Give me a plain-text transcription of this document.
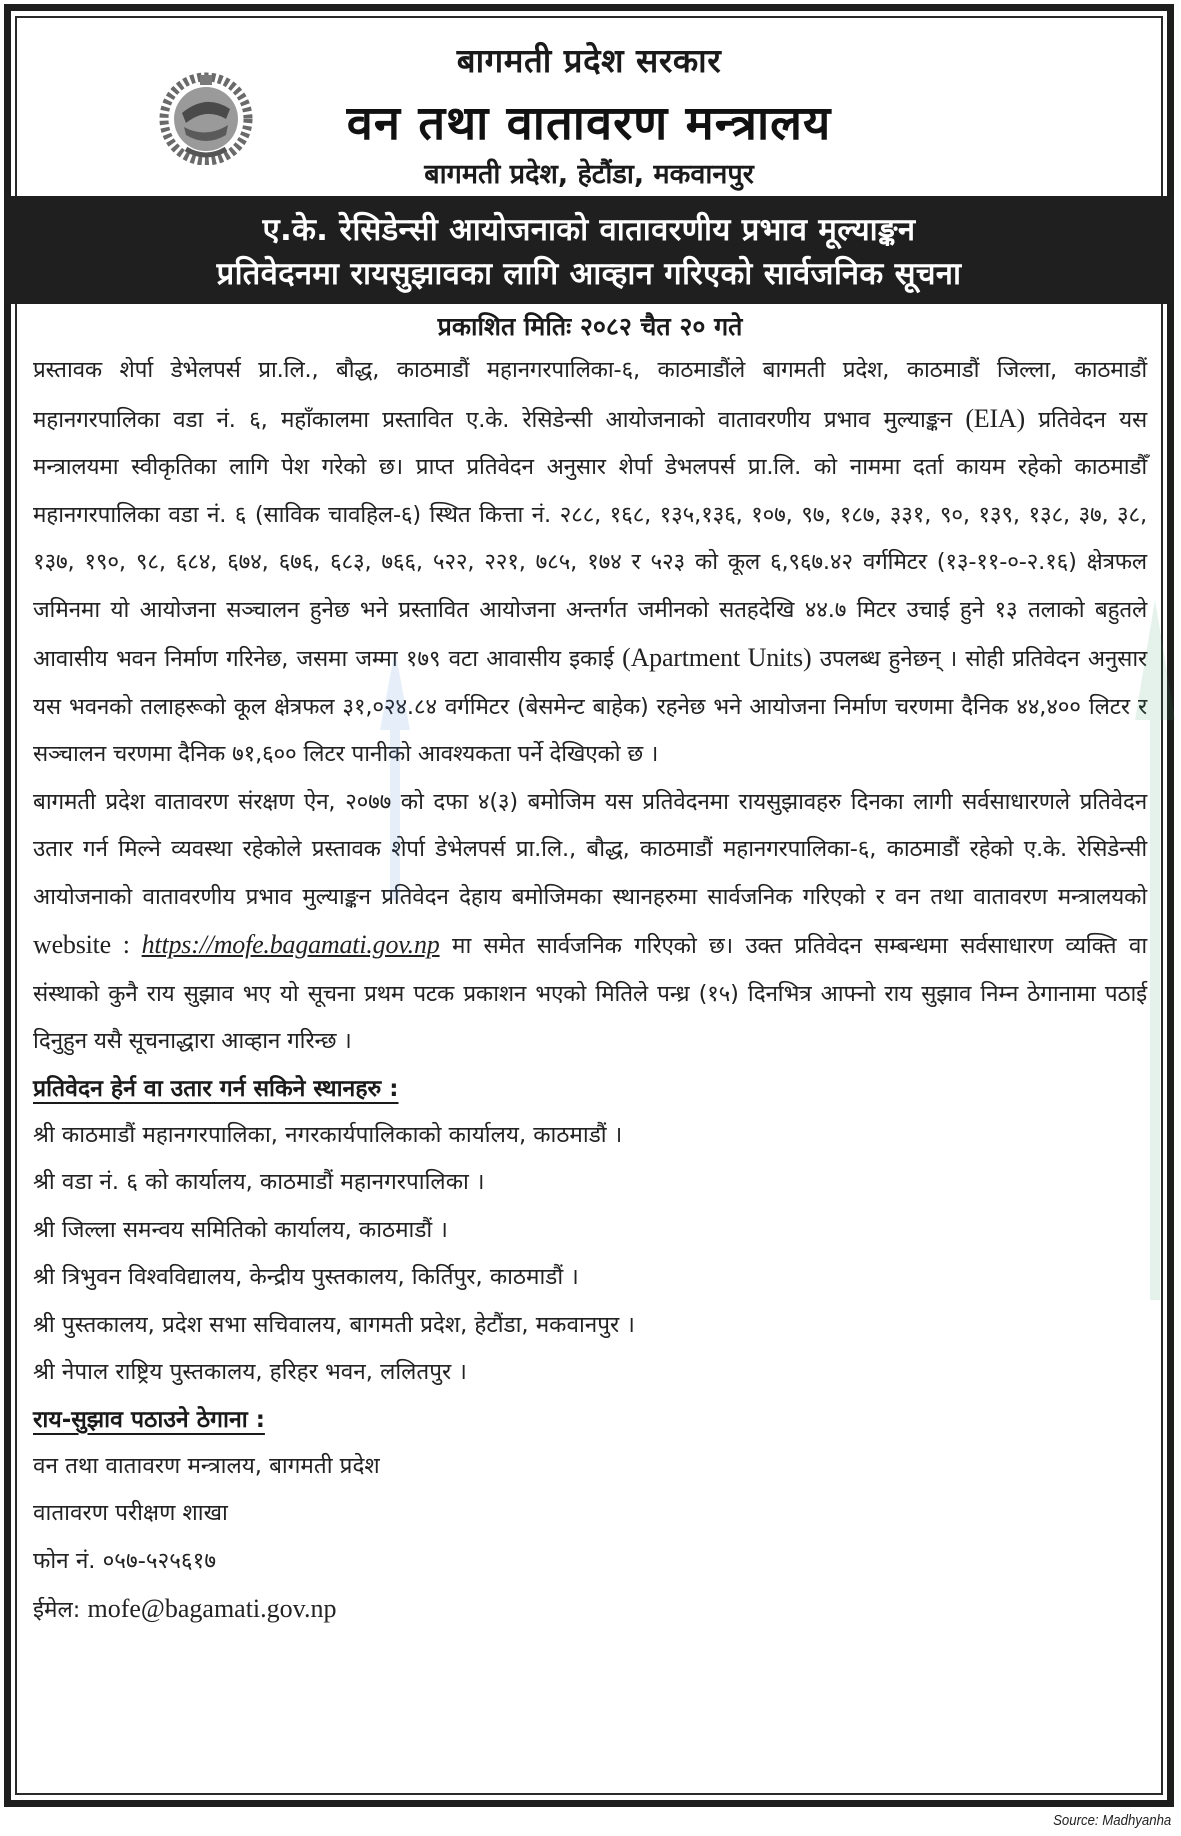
बागमती प्रदेश सरकार
वन तथा वातावरण मन्त्रालय
बागमती प्रदेश, हेटौंडा, मकवानपुर
ए.के. रेसिडेन्सी आयोजनाको वातावरणीय प्रभाव मूल्याङ्कन
प्रतिवेदनमा रायसुझावका लागि आव्हान गरिएको सार्वजनिक सूचना
प्रकाशित मितिः २०८२ चैत २० गते

प्रस्तावक शेर्पा डेभेलपर्स प्रा.लि., बौद्ध, काठमाडौं महानगरपालिका-६, काठमाडौंले बागमती प्रदेश, काठमाडौं जिल्ला, काठमाडौं महानगरपालिका वडा नं. ६, महाँकालमा प्रस्तावित ए.के. रेसिडेन्सी आयोजनाको वातावरणीय प्रभाव मुल्याङ्कन (EIA) प्रतिवेदन यस मन्त्रालयमा स्वीकृतिका लागि पेश गरेको छ। प्राप्त प्रतिवेदन अनुसार शेर्पा डेभलपर्स प्रा.लि. को नाममा दर्ता कायम रहेको काठमाडौँ महानगरपालिका वडा नं. ६ (साविक चावहिल-६) स्थित कित्ता नं. २८८, १६८, १३५,१३६, १०७, ९७, १८७, ३३१, ९०, १३९, १३८, ३७, ३८, १३७, १९०, ९८, ६८४, ६७४, ६७६, ६८३, ७६६, ५२२, २२१, ७८५, १७४ र ५२३ को कूल ६,९६७.४२ वर्गमिटर (१३-११-०-२.१६) क्षेत्रफल जमिनमा यो आयोजना सञ्चालन हुनेछ भने प्रस्तावित आयोजना अन्तर्गत जमीनको सतहदेखि ४४.७ मिटर उचाई हुने १३ तलाको बहुतले आवासीय भवन निर्माण गरिनेछ, जसमा जम्मा १७९ वटा आवासीय इकाई (Apartment Units) उपलब्ध हुनेछन् । सोही प्रतिवेदन अनुसार यस भवनको तलाहरूको कूल क्षेत्रफल ३१,०२४.८४ वर्गमिटर (बेसमेन्ट बाहेक) रहनेछ भने आयोजना निर्माण चरणमा दैनिक ४४,४०० लिटर र सञ्चालन चरणमा दैनिक ७१,६०० लिटर पानीको आवश्यकता पर्ने देखिएको छ ।

बागमती प्रदेश वातावरण संरक्षण ऐन, २०७७ को दफा ४(३) बमोजिम यस प्रतिवेदनमा रायसुझावहरु दिनका लागी सर्वसाधारणले प्रतिवेदन उतार गर्न मिल्ने व्यवस्था रहेकोले प्रस्तावक शेर्पा डेभेलपर्स प्रा.लि., बौद्ध, काठमाडौं महानगरपालिका-६, काठमाडौं रहेको ए.के. रेसिडेन्सी आयोजनाको वातावरणीय प्रभाव मुल्याङ्कन प्रतिवेदन देहाय बमोजिमका स्थानहरुमा सार्वजनिक गरिएको र वन तथा वातावरण मन्त्रालयको website : https://mofe.bagamati.gov.np मा समेत सार्वजनिक गरिएको छ। उक्त प्रतिवेदन सम्बन्धमा सर्वसाधारण व्यक्ति वा संस्थाको कुनै राय सुझाव भए यो सूचना प्रथम पटक प्रकाशन भएको मितिले पन्ध्र (१५) दिनभित्र आफ्नो राय सुझाव निम्न ठेगानामा पठाई दिनुहुन यसै सूचनाद्धारा आव्हान गरिन्छ ।

प्रतिवेदन हेर्न वा उतार गर्न सकिने स्थानहरु :
श्री काठमाडौं महानगरपालिका, नगरकार्यपालिकाको कार्यालय, काठमाडौं ।
श्री वडा नं. ६ को कार्यालय, काठमाडौं महानगरपालिका ।
श्री जिल्ला समन्वय समितिको कार्यालय, काठमाडौं ।
श्री त्रिभुवन विश्वविद्यालय, केन्द्रीय पुस्तकालय, किर्तिपुर, काठमाडौं ।
श्री पुस्तकालय, प्रदेश सभा सचिवालय, बागमती प्रदेश, हेटौंडा, मकवानपुर ।
श्री नेपाल राष्ट्रिय पुस्तकालय, हरिहर भवन, ललितपुर ।
राय-सुझाव पठाउने ठेगाना :
वन तथा वातावरण मन्त्रालय, बागमती प्रदेश
वातावरण परीक्षण शाखा
फोन नं. ०५७-५२५६१७
ईमेल: mofe@bagamati.gov.np
Source: Madhyanha
